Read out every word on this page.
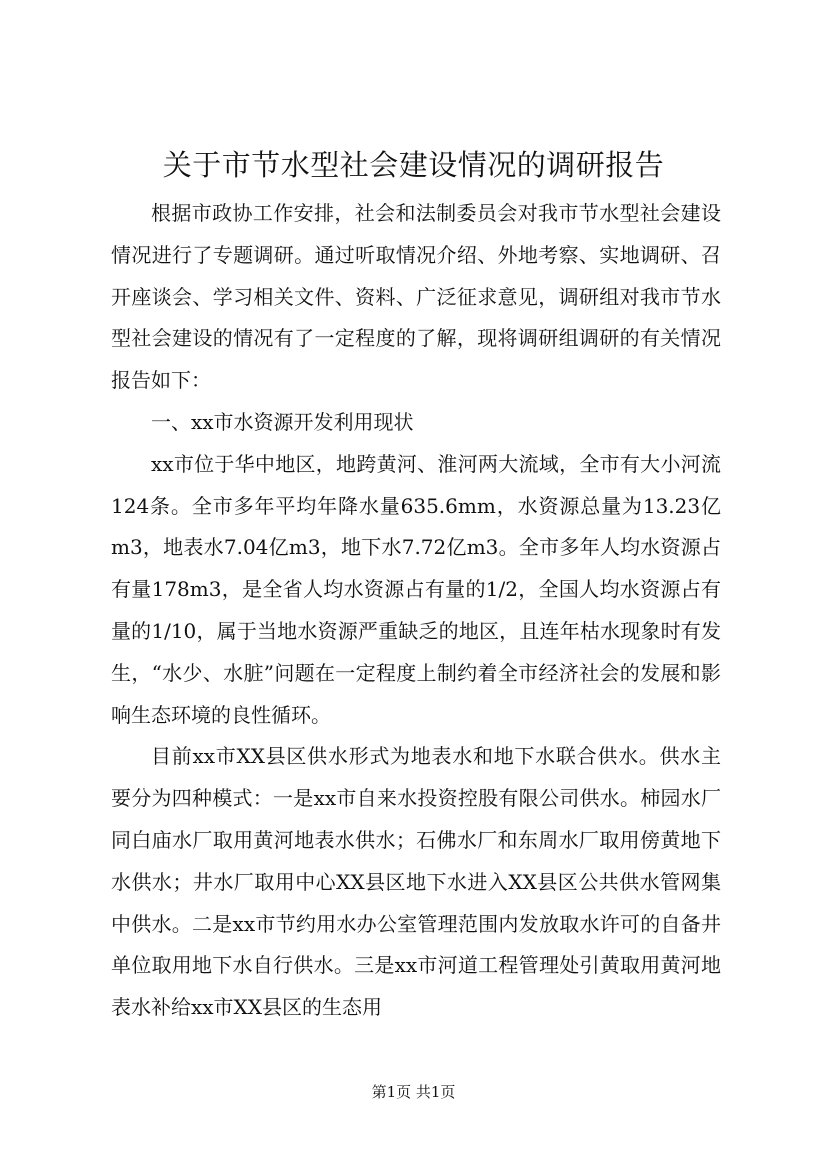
关于市节水型社会建设情况的调研报告

根据市政协工作安排，社会和法制委员会对我市节水型社会建设情况进行了专题调研。通过听取情况介绍、外地考察、实地调研、召开座谈会、学习相关文件、资料、广泛征求意见，调研组对我市节水型社会建设的情况有了一定程度的了解，现将调研组调研的有关情况报告如下：

一、xx市水资源开发利用现状

xx市位于华中地区，地跨黄河、淮河两大流域，全市有大小河流124条。全市多年平均年降水量635.6mm，水资源总量为13.23亿m3，地表水7.04亿m3，地下水7.72亿m3。全市多年人均水资源占有量178m3，是全省人均水资源占有量的1/2，全国人均水资源占有量的1/10，属于当地水资源严重缺乏的地区，且连年枯水现象时有发生，“水少、水脏”问题在一定程度上制约着全市经济社会的发展和影响生态环境的良性循环。

目前xx市XX县区供水形式为地表水和地下水联合供水。供水主要分为四种模式：一是xx市自来水投资控股有限公司供水。柿园水厂同白庙水厂取用黄河地表水供水；石佛水厂和东周水厂取用傍黄地下水供水；井水厂取用中心XX县区地下水进入XX县区公共供水管网集中供水。二是xx市节约用水办公室管理范围内发放取水许可的自备井单位取用地下水自行供水。三是xx市河道工程管理处引黄取用黄河地表水补给xx市XX县区的生态用

第1页 共1页
